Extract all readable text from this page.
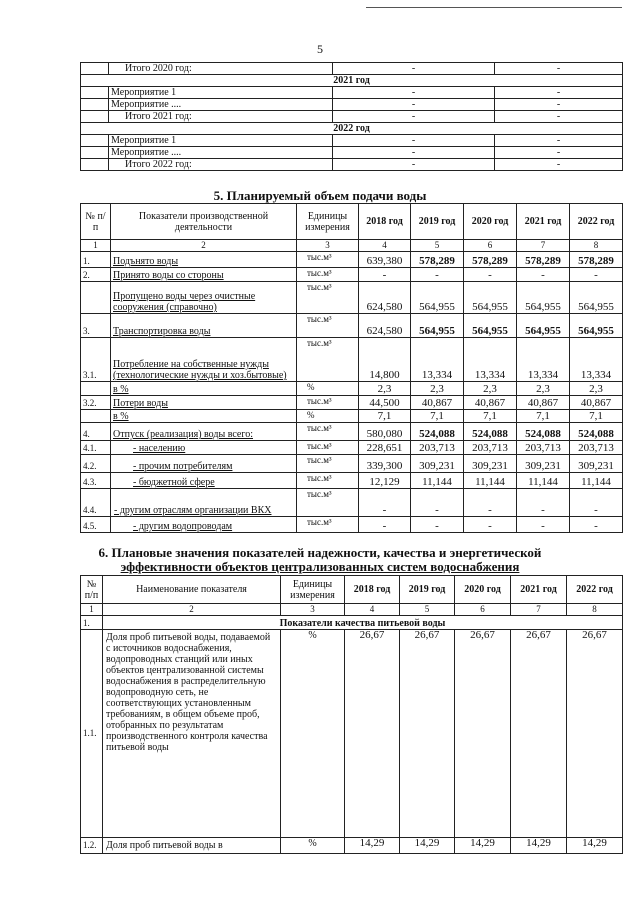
5
	Итого 2020 год:	-	-
2021 год			
	Мероприятие 1	-	-
	Мероприятие ....	-	-
	Итого 2021 год:	-	-
2022 год			
	Мероприятие 1	-	-
	Мероприятие ....	-	-
	Итого 2022 год:	-	-
5. Планируемый объем подачи воды
№ п/п	Показатели производственной деятельности	Единицы измерения	2018 год	2019 год	2020 год	2021 год	2022 год
1	2	3	4	5	6	7	8
1.	Подънято воды	тыс.м³	639,380	578,289	578,289	578,289	578,289
2.	Принято воды со стороны	тыс.м³	-	-	-	-	-
	Пропущено воды через очистные сооружения (справочно)	тыс.м³	624,580	564,955	564,955	564,955	564,955
3.	Транспортировка воды	тыс.м³	624,580	564,955	564,955	564,955	564,955
3.1.	Потребление на собственные нужды (технологические нужды и хоз.бытовые)	тыс.м³	14,800	13,334	13,334	13,334	13,334
	в %	%	2,3	2,3	2,3	2,3	2,3
3.2.	Потери воды	тыс.м³	44,500	40,867	40,867	40,867	40,867
	в %	%	7,1	7,1	7,1	7,1	7,1
4.	Отпуск (реализация) воды всего:	тыс.м³	580,080	524,088	524,088	524,088	524,088
4.1.	- населению	тыс.м³	228,651	203,713	203,713	203,713	203,713
4.2.	- прочим потребителям	тыс.м³	339,300	309,231	309,231	309,231	309,231
4.3.	- бюджетной сфере	тыс.м³	12,129	11,144	11,144	11,144	11,144
4.4.	- другим отраслям организации ВКХ	тыс.м³	-	-	-	-	-
4.5.	- другим водопроводам	тыс.м³	-	-	-	-	-
6. Плановые значения показателей надежности, качества и энергетической
эффективности объектов централизованных систем водоснабжения
№ п/п	Наименование показателя	Единицы измерения	2018 год	2019 год	2020 год	2021 год	2022 год
1	2	3	4	5	6	7	8
1.	Показатели качества питьевой воды						
1.1.	Доля проб питьевой воды, подаваемой с источников водоснабжения, водопроводных станций или иных объектов централизованной системы водоснабжения в распределительную водопроводную сеть, не соответствующих установленным требованиям, в общем объеме проб, отобранных по результатам производственного контроля качества питьевой воды	%	26,67	26,67	26,67	26,67	26,67
1.2.	Доля проб питьевой воды в	%	14,29	14,29	14,29	14,29	14,29
